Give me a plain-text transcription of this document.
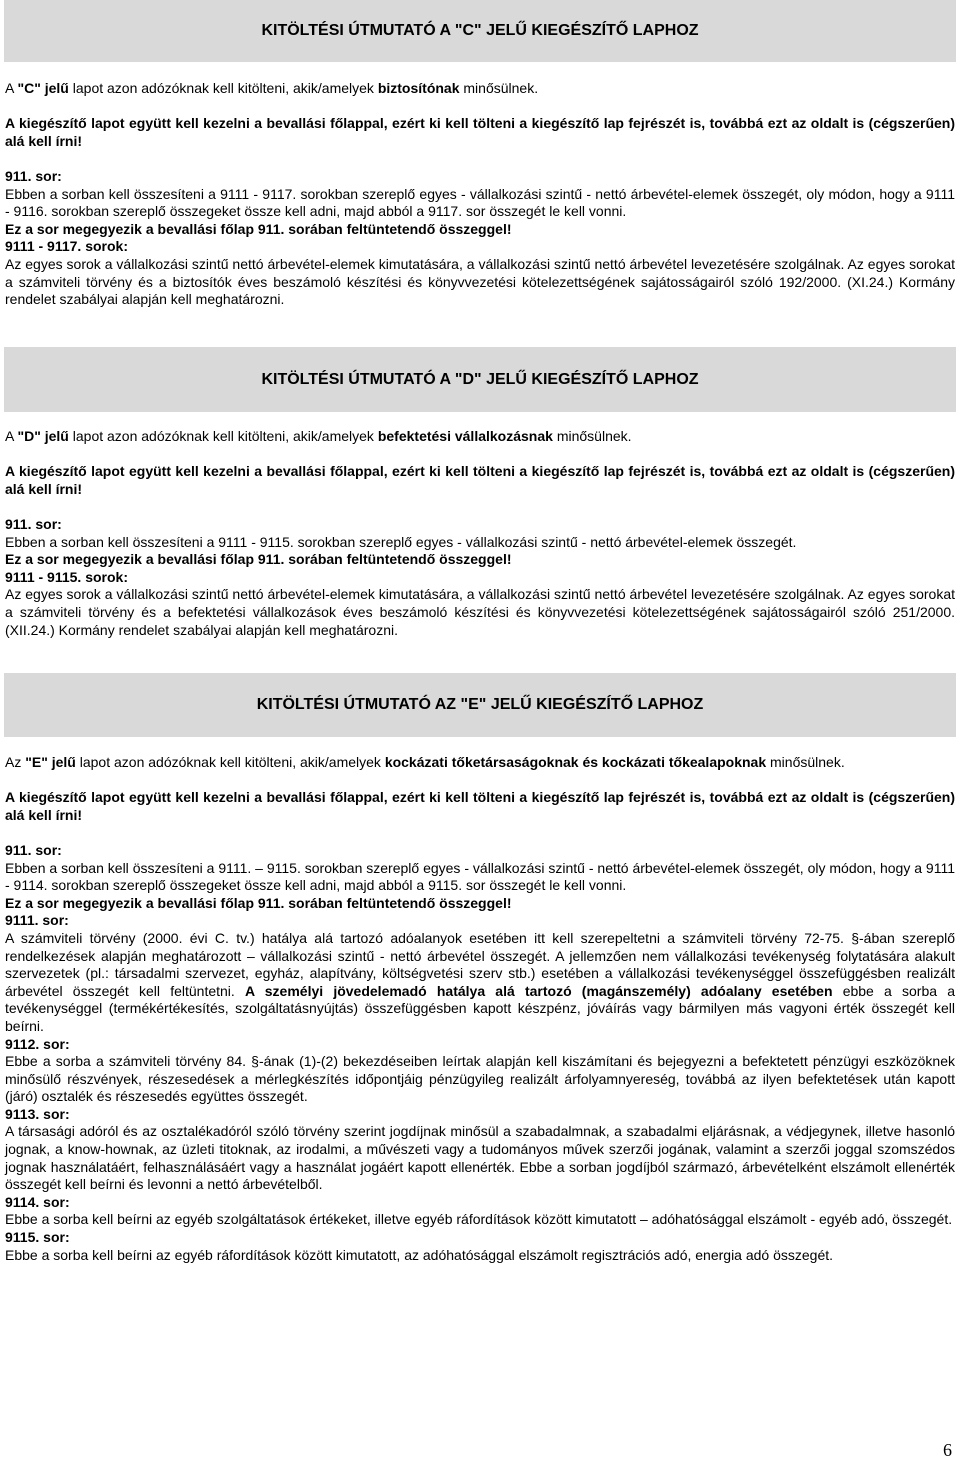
KITÖLTÉSI ÚTMUTATÓ A "C" JELŰ KIEGÉSZÍTŐ LAPHOZ

A "C" jelű lapot azon adózóknak kell kitölteni, akik/amelyek biztosítónak minősülnek.

A kiegészítő lapot együtt kell kezelni a bevallási főlappal, ezért ki kell tölteni a kiegészítő lap fejrészét is, továbbá ezt az oldalt is (cégszerűen) alá kell írni!

911. sor:

Ebben a sorban kell összesíteni a 9111 - 9117. sorokban szereplő egyes - vállalkozási szintű - nettó árbevétel-elemek összegét, oly módon, hogy a 9111 - 9116. sorokban szereplő összegeket össze kell adni, majd abból a 9117. sor összegét le kell vonni.

Ez a sor megegyezik a bevallási főlap 911. sorában feltüntetendő összeggel!

9111 - 9117. sorok:

Az egyes sorok a vállalkozási szintű nettó árbevétel-elemek kimutatására, a vállalkozási szintű nettó árbevétel levezetésére szolgálnak. Az egyes sorokat a számviteli törvény és a biztosítók éves beszámoló készítési és könyvvezetési kötelezettségének sajátosságairól szóló 192/2000. (XI.24.) Kormány rendelet szabályai alapján kell meghatározni.

KITÖLTÉSI ÚTMUTATÓ A "D" JELŰ KIEGÉSZÍTŐ LAPHOZ

A "D" jelű lapot azon adózóknak kell kitölteni, akik/amelyek befektetési vállalkozásnak minősülnek.

A kiegészítő lapot együtt kell kezelni a bevallási főlappal, ezért ki kell tölteni a kiegészítő lap fejrészét is, továbbá ezt az oldalt is (cégszerűen) alá kell írni!

911. sor:

Ebben a sorban kell összesíteni a 9111 - 9115. sorokban szereplő egyes - vállalkozási szintű - nettó árbevétel-elemek összegét.

Ez a sor megegyezik a bevallási főlap 911. sorában feltüntetendő összeggel!

9111 - 9115. sorok:

Az egyes sorok a vállalkozási szintű nettó árbevétel-elemek kimutatására, a vállalkozási szintű nettó árbevétel levezetésére szolgálnak. Az egyes sorokat a számviteli törvény és a befektetési vállalkozások éves beszámoló készítési és könyvvezetési kötelezettségének sajátosságairól szóló 251/2000. (XII.24.) Kormány rendelet szabályai alapján kell meghatározni.

KITÖLTÉSI ÚTMUTATÓ AZ "E" JELŰ KIEGÉSZÍTŐ LAPHOZ

Az "E" jelű lapot azon adózóknak kell kitölteni, akik/amelyek kockázati tőketársaságoknak és kockázati tőkealapoknak minősülnek.

A kiegészítő lapot együtt kell kezelni a bevallási főlappal, ezért ki kell tölteni a kiegészítő lap fejrészét is, továbbá ezt az oldalt is (cégszerűen) alá kell írni!

911. sor:

Ebben a sorban kell összesíteni a 9111. – 9115. sorokban szereplő egyes - vállalkozási szintű - nettó árbevétel-elemek összegét, oly módon, hogy a 9111 - 9114. sorokban szereplő összegeket össze kell adni, majd abból a 9115. sor összegét le kell vonni.

Ez a sor megegyezik a bevallási főlap 911. sorában feltüntetendő összeggel!

9111. sor:

A számviteli törvény (2000. évi C. tv.) hatálya alá tartozó adóalanyok esetében itt kell szerepeltetni a számviteli törvény 72-75. §-ában szereplő rendelkezések alapján meghatározott – vállalkozási szintű - nettó árbevétel összegét. A jellemzően nem vállalkozási tevékenység folytatására alakult szervezetek (pl.: társadalmi szervezet, egyház, alapítvány, költségvetési szerv stb.) esetében a vállalkozási tevékenységgel összefüggésben realizált árbevétel összegét kell feltüntetni. A személyi jövedelemadó hatálya alá tartozó (magánszemély) adóalany esetében ebbe a sorba a tevékenységgel (termékértékesítés, szolgáltatásnyújtás) összefüggésben kapott készpénz, jóváírás vagy bármilyen más vagyoni érték összegét kell beírni.

9112. sor:

Ebbe a sorba a számviteli törvény 84. §-ának (1)-(2) bekezdéseiben leírtak alapján kell kiszámítani és bejegyezni a befektetett pénzügyi eszközöknek minősülő részvények, részesedések a mérlegkészítés időpontjáig pénzügyileg realizált árfolyamnyereség, továbbá az ilyen befektetések után kapott (járó) osztalék és részesedés együttes összegét.

9113. sor:

A társasági adóról és az osztalékadóról szóló törvény szerint jogdíjnak minősül a szabadalmnak, a szabadalmi eljárásnak, a védjegynek, illetve hasonló jognak, a know-hownak, az üzleti titoknak, az irodalmi, a művészeti vagy a tudományos művek szerzői jogának, valamint a szerzői joggal szomszédos jognak használatáért, felhasználásáért vagy a használat jogáért kapott ellenérték. Ebbe a sorban jogdíjból származó, árbevételként elszámolt ellenérték összegét kell beírni és levonni a nettó árbevételből.

9114. sor:

Ebbe a sorba kell beírni az egyéb szolgáltatások értékeket, illetve egyéb ráfordítások között kimutatott – adóhatósággal elszámolt - egyéb adó, összegét.

9115. sor:

Ebbe a sorba kell beírni az egyéb ráfordítások között kimutatott, az adóhatósággal elszámolt regisztrációs adó, energia adó összegét.

6
